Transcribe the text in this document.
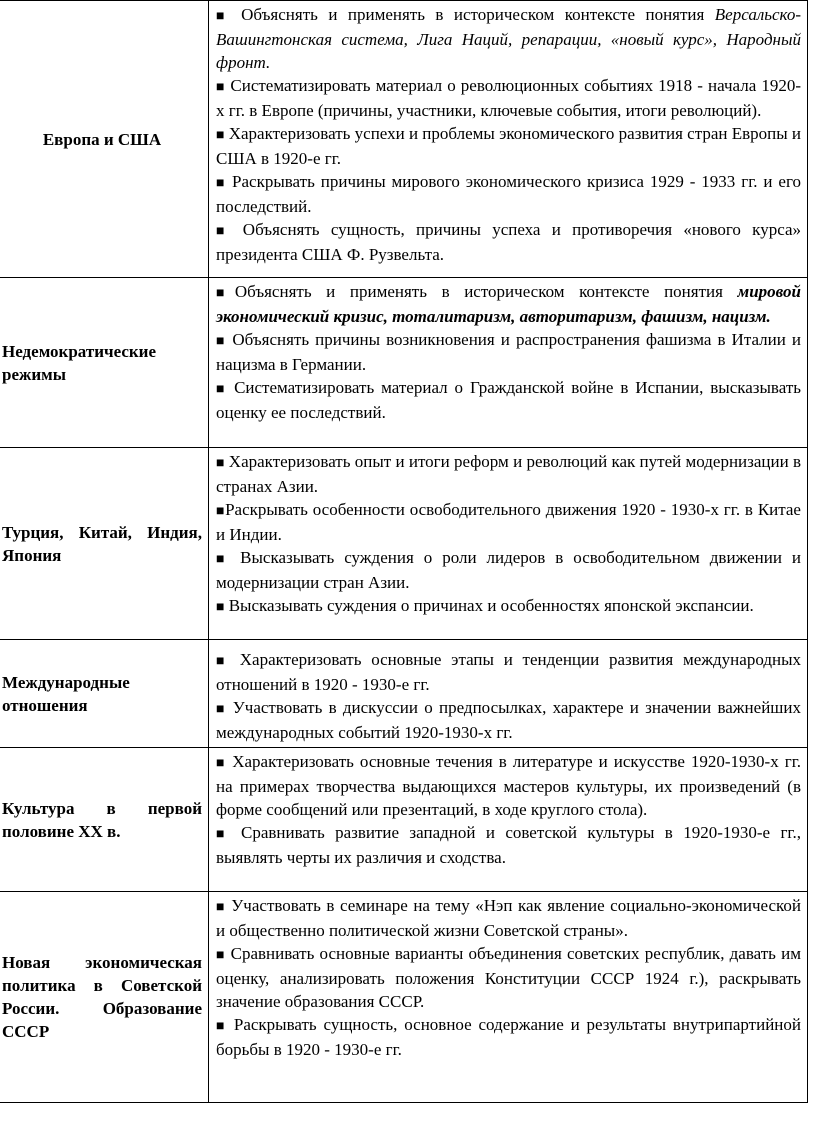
Европа и США	■ Объяснять и применять в историческом контексте понятия Версальско-Вашингтонская система, Лига Наций, репарации, «новый курс», Народный фронт.

■ Систематизировать материал о революционных событиях 1918 - начала 1920-х гг. в Европе (причины, участники, ключевые события, итоги революций).

■ Характеризовать успехи и проблемы экономического развития стран Европы и США в 1920-е гг.

■ Раскрывать причины мирового экономического кризиса 1929 - 1933 гг. и его последствий.

■ Объяснять сущность, причины успеха и противоречия «нового курса» президента США Ф. Рузвельта.

Недемократические режимы	■Объяснять и применять в историческом контексте понятия мировой экономический кризис, тоталитаризм, авторитаризм, фашизм, нацизм.

■ Объяснять причины возникновения и распространения фашизма в Италии и нацизма в Германии.

■ Систематизировать материал о Гражданской войне в Испании, высказывать оценку ее последствий.

Турция, Китай, Индия, Япония	■ Характеризовать опыт и итоги реформ и революций как путей модернизации в странах Азии.

■Раскрывать особенности освободительного движения 1920 - 1930-х гг. в Китае и Индии.

■ Высказывать суждения о роли лидеров в освободительном движении и модернизации стран Азии.

■ Высказывать суждения о причинах и особенностях японской экспансии.

Международные отношения	■ Характеризовать основные этапы и тенденции развития международных отношений в 1920 - 1930-е гг.

■ Участвовать в дискуссии о предпосылках, характере и значении важнейших международных событий 1920-1930-х гг.

Культура в первой половине XX в.	■ Характеризовать основные течения в литературе и искусстве 1920-1930-х гг. на примерах творчества выдающихся мастеров культуры, их произведений (в форме сообщений или презентаций, в ходе круглого стола).

■ Сравнивать развитие западной и советской культуры в 1920-1930-е гг., выявлять черты их различия и сходства.

Новая экономическая политика в Советской России. Образование СССР	■ Участвовать в семинаре на тему «Нэп как явление социально-экономической и общественно политической жизни Советской страны».

■ Сравнивать основные варианты объединения советских республик, давать им оценку, анализировать положения Конституции СССР 1924 г.), раскрывать значение образования СССР.

■ Раскрывать сущность, основное содержание и результаты внутрипартийной борьбы в 1920 - 1930-е гг.
